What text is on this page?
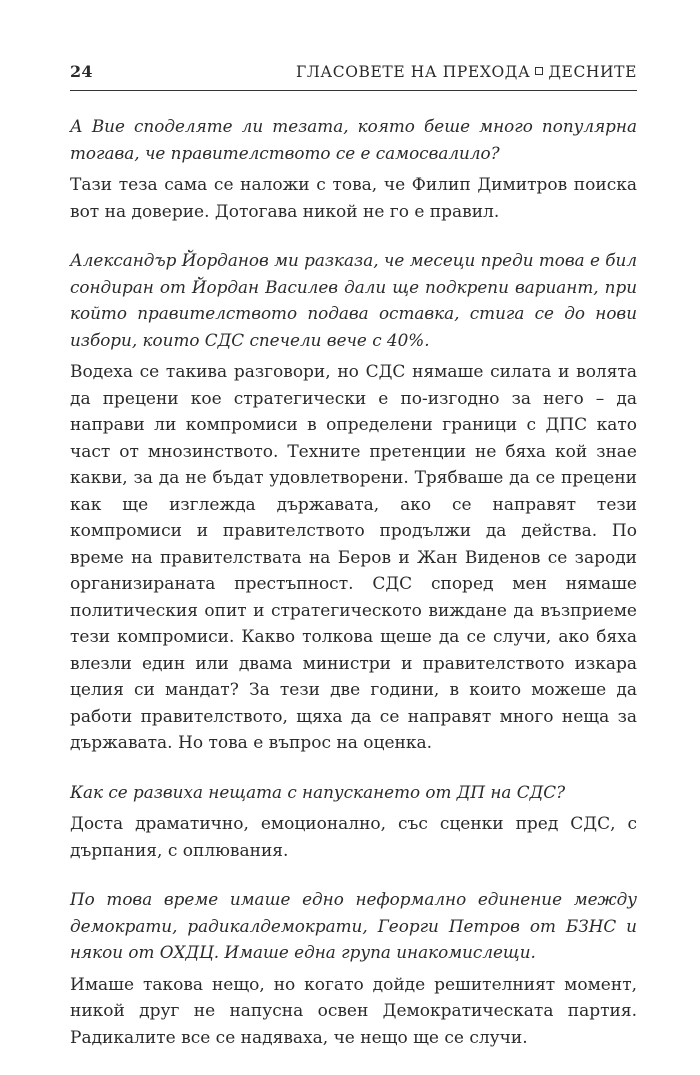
24	ГЛАСОВЕТЕ НА ПРЕХОДА ДЕСНИТЕ

А Вие споделяте ли тезата, която беше много популярна тогава, че правителството се е самосвалило?

Тази теза сама се наложи с това, че Филип Димитров поиска вот на доверие. Дотогава никой не го е правил.

Александър Йорданов ми разказа, че месеци преди това е бил сондиран от Йордан Василев дали ще подкрепи вариант, при който правителството подава оставка, стига се до нови избори, които СДС спечели вече с 40%.

Водеха се такива разговори, но СДС нямаше силата и волята да прецени кое стратегически е по-изгодно за него – да направи ли компромиси в определени граници с ДПС като част от мнозинството. Техните претенции не бяха кой знае какви, за да не бъдат удовлетворени. Трябваше да се прецени как ще изглежда държавата, ако се направят тези компромиси и правителството продължи да действа. По време на правителствата на Беров и Жан Виденов се зароди организираната престъпност. СДС според мен нямаше политическия опит и стратегическото виждане да възприеме тези компромиси. Какво толкова щеше да се случи, ако бяха влезли един или двама министри и правителството изкара целия си мандат? За тези две години, в които можеше да работи правителството, щяха да се направят много неща за държавата. Но това е въпрос на оценка.

Как се развиха нещата с напускането от ДП на СДС?

Доста драматично, емоционално, със сценки пред СДС, с дърпания, с оплювания.

По това време имаше едно неформално единение между демократи, радикалдемократи, Георги Петров от БЗНС и някои от ОХДЦ. Имаше една група инакомислещи.

Имаше такова нещо, но когато дойде решителният момент, никой друг не напусна освен Демократическата партия. Радикалите все се надяваха, че нещо ще се случи.
